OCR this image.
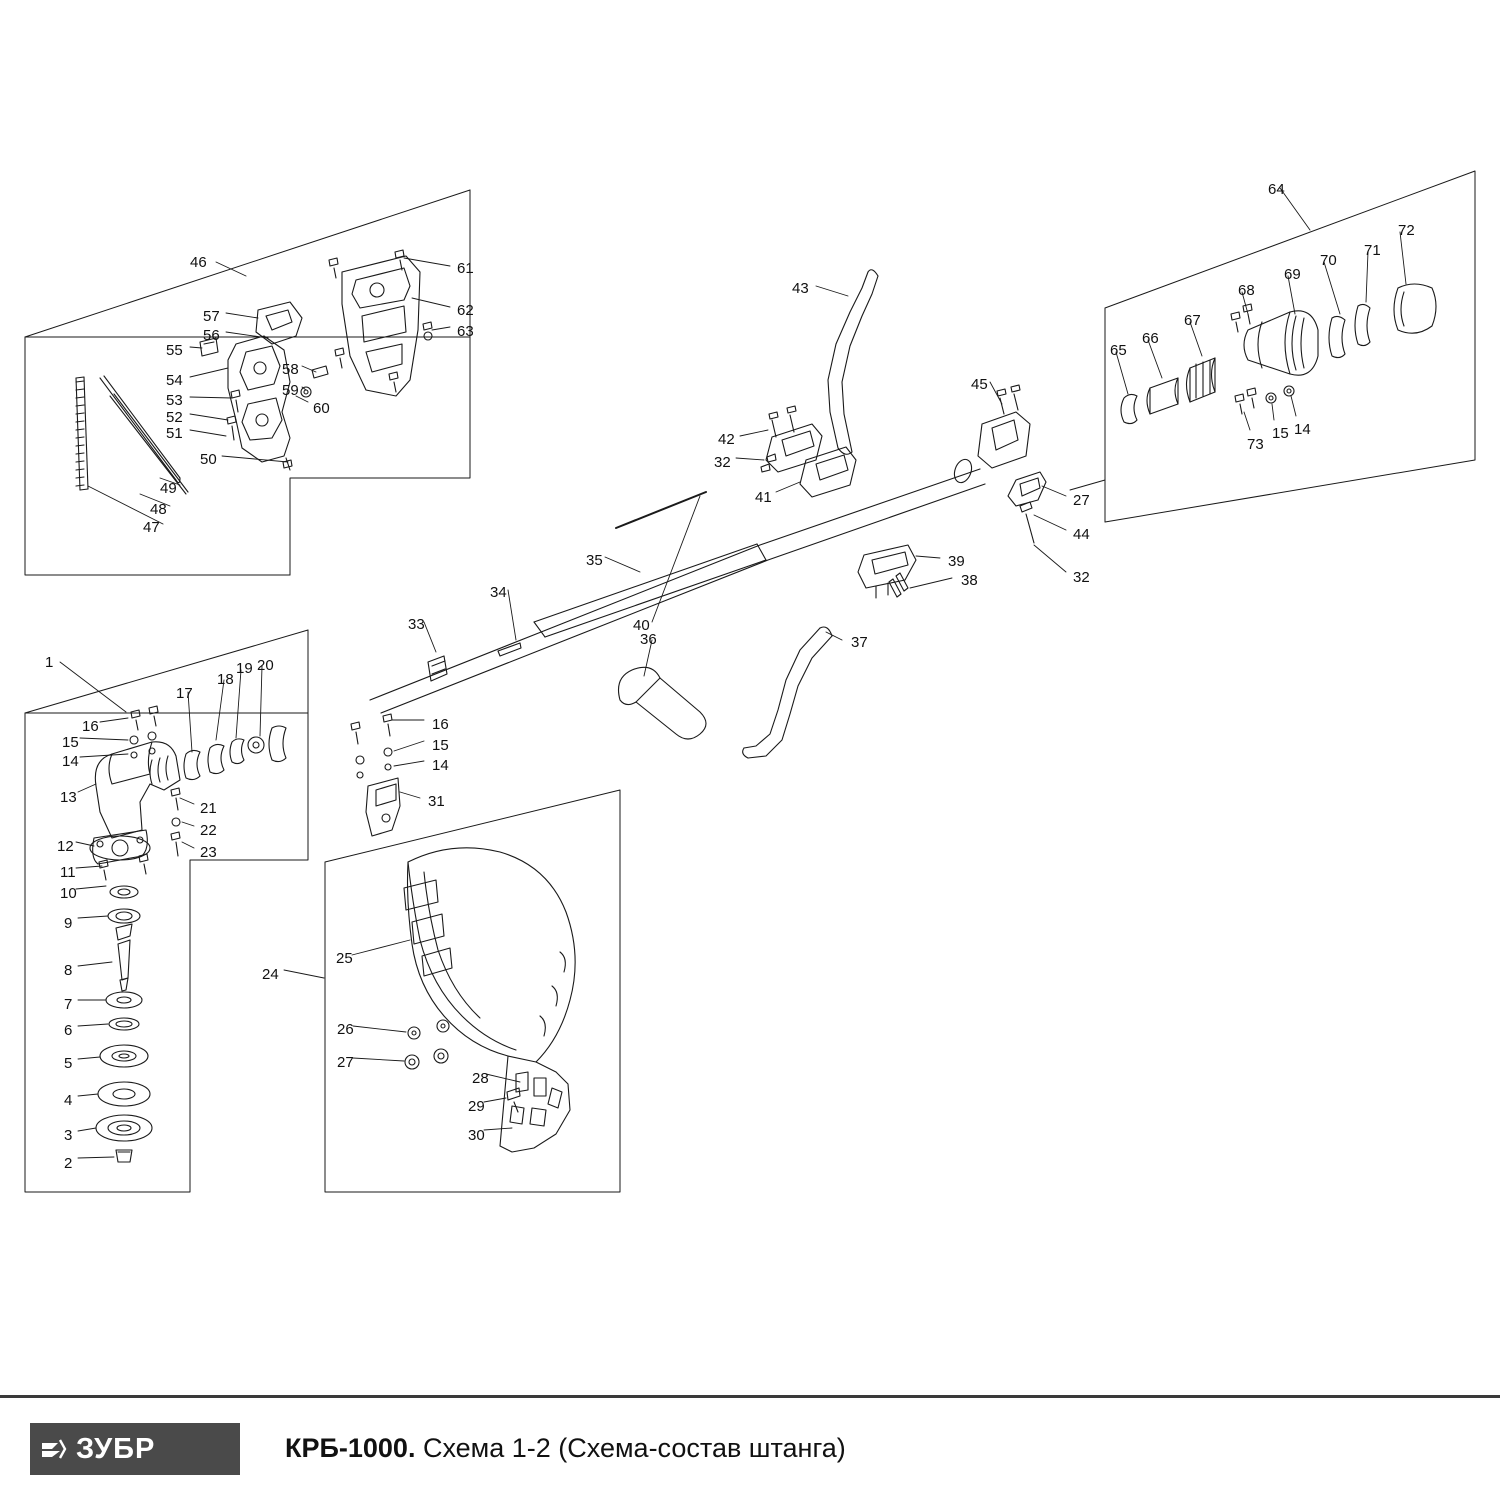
46	61
62
63
57
56
55
58
54
59
53	60
52
51
50
49
48
47
43
42
32
41
45
27
44
32
40
35
34
33
39
38
36	37
64
72
71
70
69
68
67
66
65
73
15 14
1
17
18
19 20
16
15
14
16
15
14
13
21
22
23
12
11
10
9
8
7
6
5
4
3
2
31
24
25
26
27
28
29
30
ЗУБР	КРБ-1000. Схема 1-2 (Схема-состав штанга)
